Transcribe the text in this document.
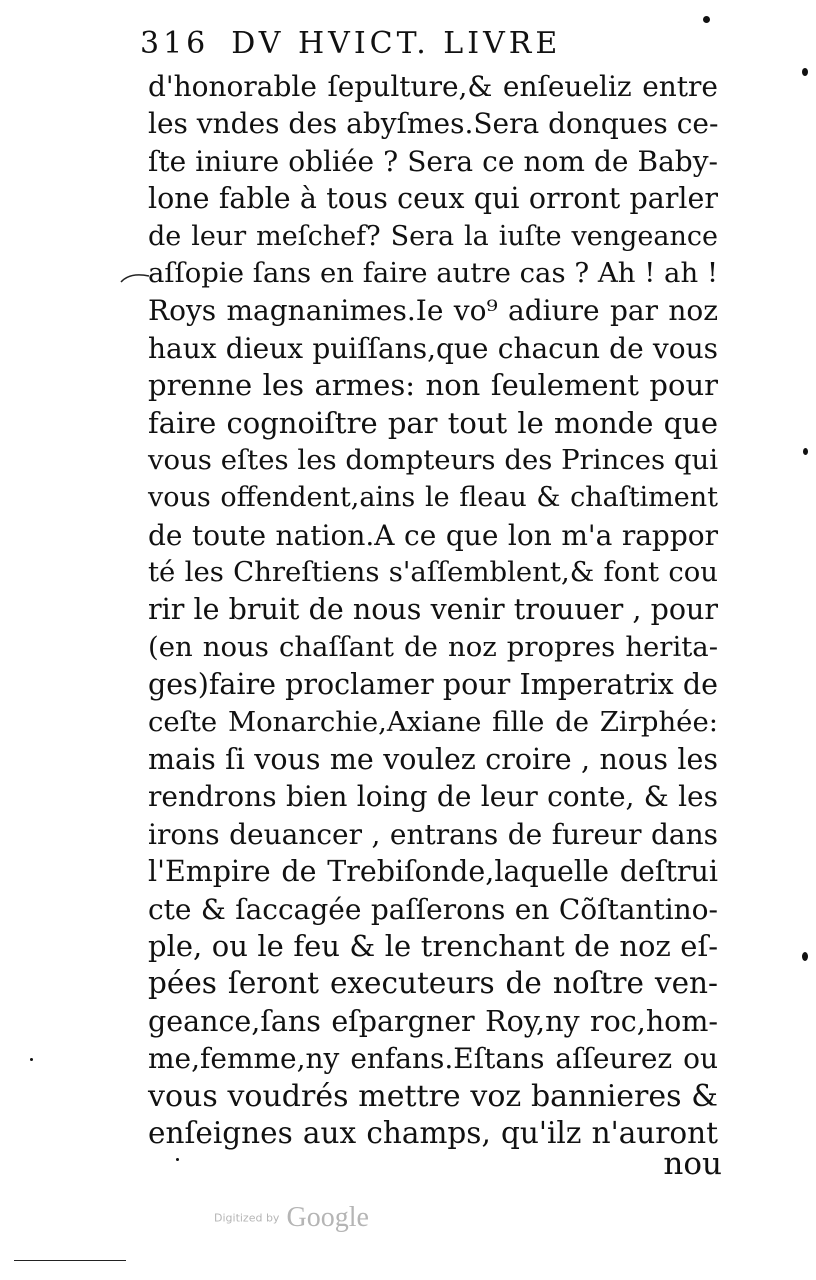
316 DV HVICT. LIVRE
d'honorable ſepulture,& enſeueliz entre
les vndes des abyſmes.Sera donques ce-
ſte iniure obliée ? Sera ce nom de Baby-
lone fable à tous ceux qui orront parler
de leur meſchef? Sera la iuſte vengeance
aſſopie ſans en faire autre cas ? Ah ! ah !
Roys magnanimes.Ie vo⁹ adiure par noz
haux dieux puiſſans,que chacun de vous
prenne les armes: non ſeulement pour
faire cognoiſtre par tout le monde que
vous eſtes les dompteurs des Princes qui
vous offendent,ains le fleau & chaſtiment
de toute nation.A ce que lon m'a rappor
té les Chreſtiens s'aſſemblent,& font cou
rir le bruit de nous venir trouuer , pour
(en nous chaſſant de noz propres heritа-
ges)faire proclamer pour Imperatrix de
ceſte Monarchie,Axiane fille de Zirphée:
mais ſi vous me voulez croire , nous les
rendrons bien loing de leur conte, & les
irons deuancer , entrans de fureur dans
l'Empire de Trebiſonde,laquelle deſtrui
cte & ſaccagée paſſerons en Cõſtantino-
ple, ou le feu & le trenchant de noz eſ-
pées ſeront executeurs de noſtre ven-
geance,ſans eſpargner Roy,ny roc,hom-
me,femme,ny enfans.Eſtans aſſeurez ou
vous voudrés mettre voz bannieres &
enſeignes aux champs, qu'ilz n'auront
nou
Digitized by Google
